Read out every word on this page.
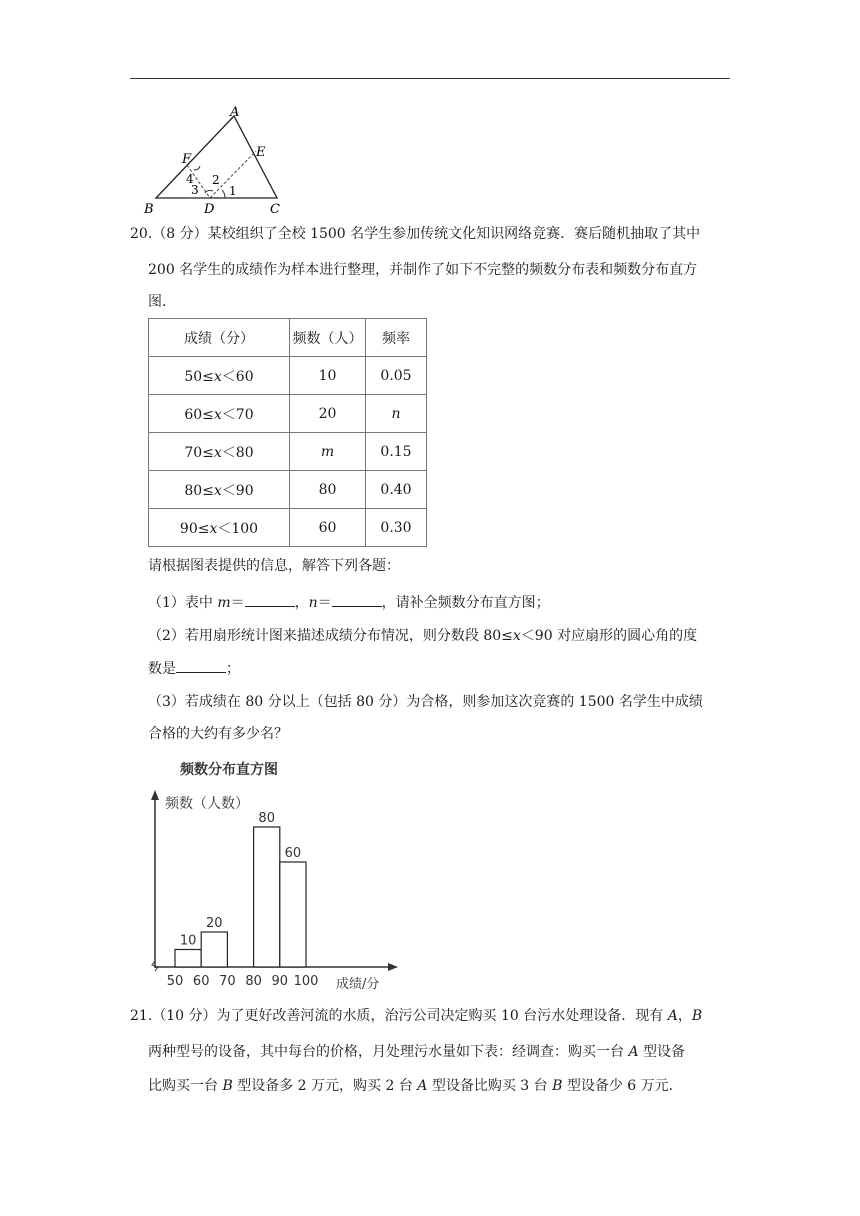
A
B	C
D
E
F
4
3
2
1
20.（8 分）某校组织了全校 1500 名学生参加传统文化知识网络竞赛．赛后随机抽取了其中
200 名学生的成绩作为样本进行整理，并制作了如下不完整的频数分布表和频数分布直方
图．
成绩（分）	频数（人）	频率
50≤x＜60	10	0.05
60≤x＜70	20	n
70≤x＜80	m	0.15
80≤x＜90	80	0.40
90≤x＜100	60	0.30
请根据图表提供的信息，解答下列各题：
（1）表中 m＝	，n＝	，请补全频数分布直方图；
（2）若用扇形统计图来描述成绩分布情况，则分数段 80≤x＜90 对应扇形的圆心角的度
数是	；
（3）若成绩在 80 分以上（包括 80 分）为合格，则参加这次竞赛的 1500 名学生中成绩
合格的大约有多少名？
频数分布直方图
频数（人数）
成绩/分
10
20
80
60
50 60 70 80 90 100
21.（10 分）为了更好改善河流的水质，治污公司决定购买 10 台污水处理设备．现有 A，B
两种型号的设备，其中每台的价格，月处理污水量如下表：经调查：购买一台 A 型设备
比购买一台 B 型设备多 2 万元，购买 2 台 A 型设备比购买 3 台 B 型设备少 6 万元．
